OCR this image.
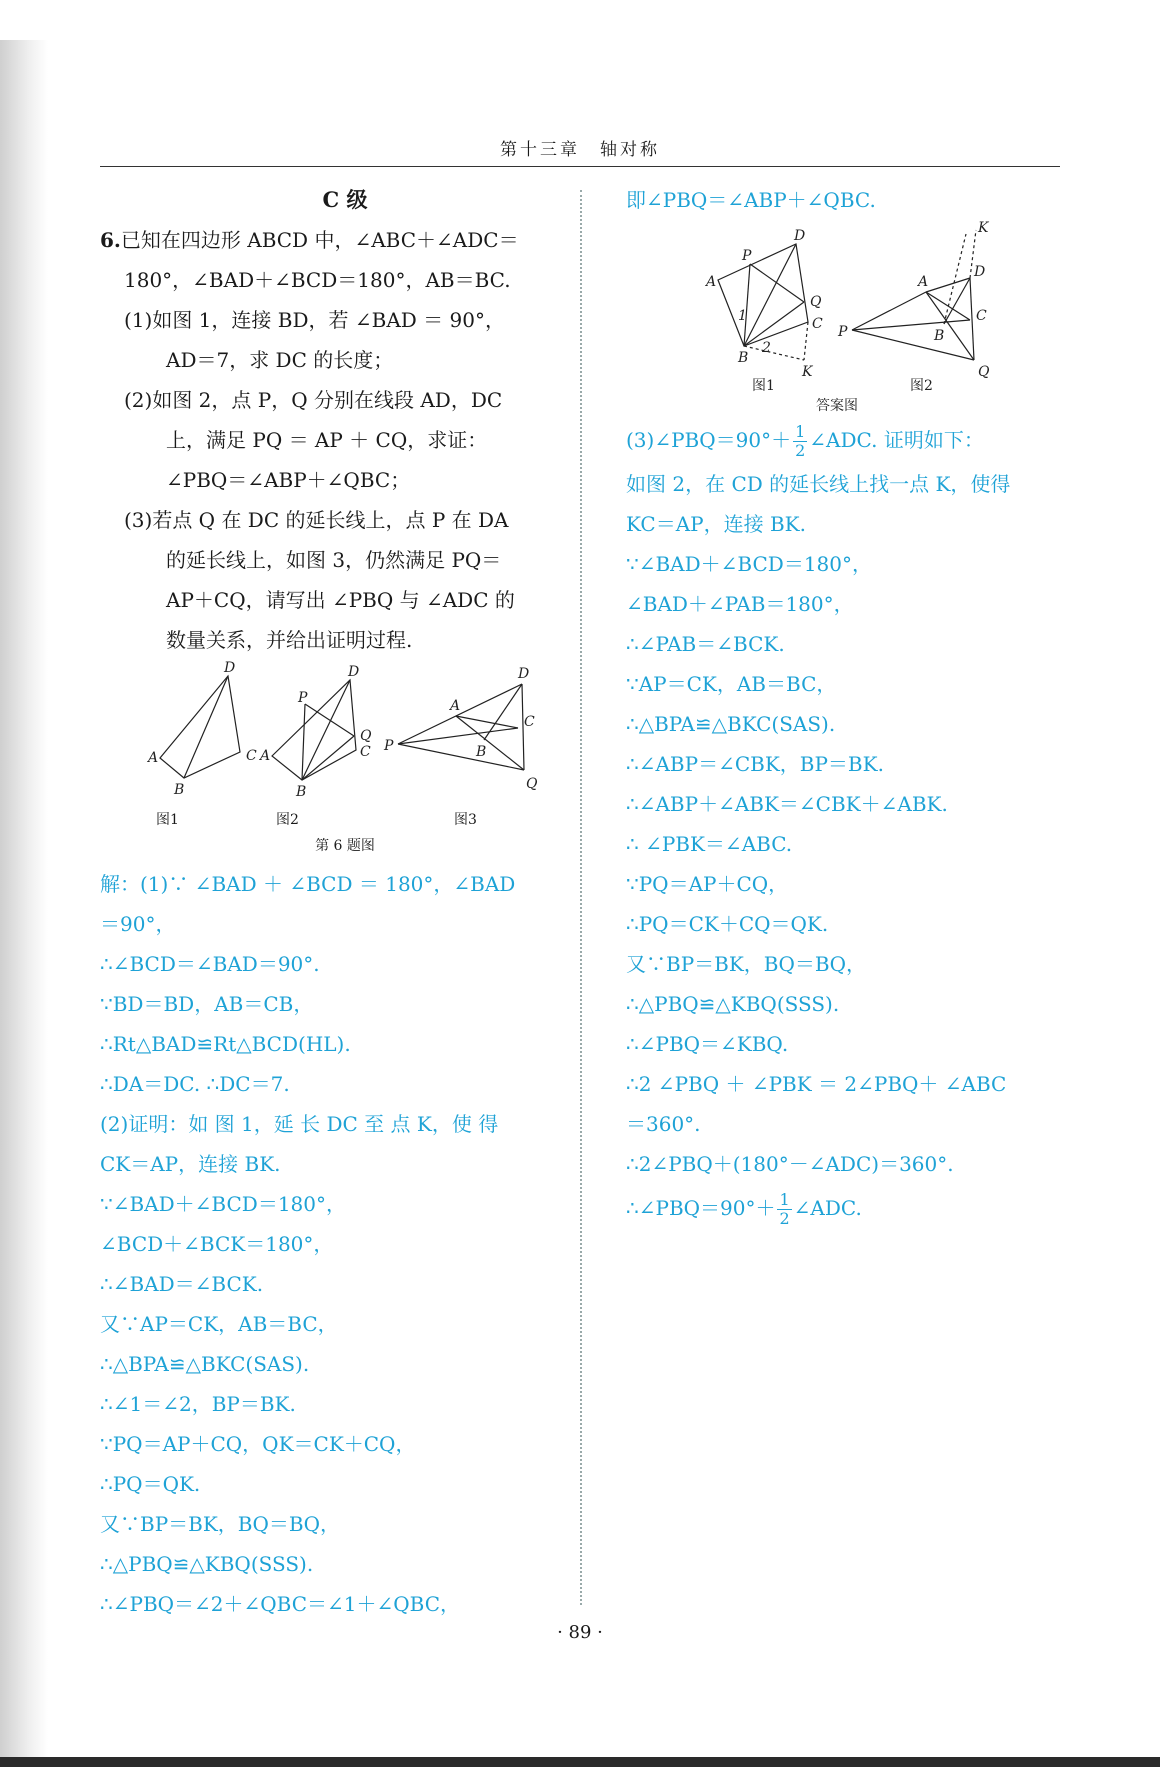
第十三章　轴对称
C 级
6.已知在四边形 ABCD 中，∠ABC＋∠ADC＝
180°，∠BAD＋∠BCD＝180°，AB＝BC.
(1)如图 1，连接 BD，若 ∠BAD ＝ 90°，
AD＝7，求 DC 的长度；
(2)如图 2，点 P，Q 分别在线段 AD，DC
上，满足 PQ ＝ AP ＋ CQ，求证：
∠PBQ＝∠ABP＋∠QBC；
(3)若点 Q 在 DC 的延长线上，点 P 在 DA
的延长线上，如图 3，仍然满足 PQ＝
AP＋CQ，请写出 ∠PBQ 与 ∠ADC 的
数量关系，并给出证明过程.
A
B
C
D
A
B
C
D
P
Q
P
A
B
C
D
Q
图1	图2	图3
第 6 题图
解：(1)∵ ∠BAD ＋ ∠BCD ＝ 180°，∠BAD
＝90°，
∴∠BCD＝∠BAD＝90°.
∵BD＝BD，AB＝CB，
∴Rt△BAD≌Rt△BCD(HL).
∴DA＝DC. ∴DC＝7.
(2)证明：如 图 1，延 长 DC 至 点 K，使 得
CK＝AP，连接 BK.
∵∠BAD＋∠BCD＝180°，
∠BCD＋∠BCK＝180°，
∴∠BAD＝∠BCK.
又∵AP＝CK，AB＝BC，
∴△BPA≌△BKC(SAS).
∴∠1＝∠2，BP＝BK.
∵PQ＝AP＋CQ，QK＝CK＋CQ，
∴PQ＝QK.
又∵BP＝BK，BQ＝BQ，
∴△PBQ≌△KBQ(SSS).
∴∠PBQ＝∠2＋∠QBC＝∠1＋∠QBC，
即∠PBQ＝∠ABP＋∠QBC.
A
B
C
D
P
Q
K
1
2
P
A
B
C
D
Q
K
图1	图2
答案图
(3)∠PBQ＝90°＋ $\frac{1}{2}$ ∠ADC. 证明如下：
如图 2，在 CD 的延长线上找一点 K，使得
KC＝AP，连接 BK.
∵∠BAD＋∠BCD＝180°，
∠BAD＋∠PAB＝180°，
∴∠PAB＝∠BCK.
∵AP＝CK，AB＝BC，
∴△BPA≌△BKC(SAS).
∴∠ABP＝∠CBK，BP＝BK.
∴∠ABP＋∠ABK＝∠CBK＋∠ABK.
∴ ∠PBK＝∠ABC.
∵PQ＝AP＋CQ，
∴PQ＝CK＋CQ＝QK.
又∵BP＝BK，BQ＝BQ，
∴△PBQ≌△KBQ(SSS).
∴∠PBQ＝∠KBQ.
∴2 ∠PBQ ＋ ∠PBK ＝ 2∠PBQ＋ ∠ABC
＝360°.
∴2∠PBQ＋(180°－∠ADC)＝360°.
∴∠PBQ＝90°＋ $\frac{1}{2}$ ∠ADC.
· 89 ·
